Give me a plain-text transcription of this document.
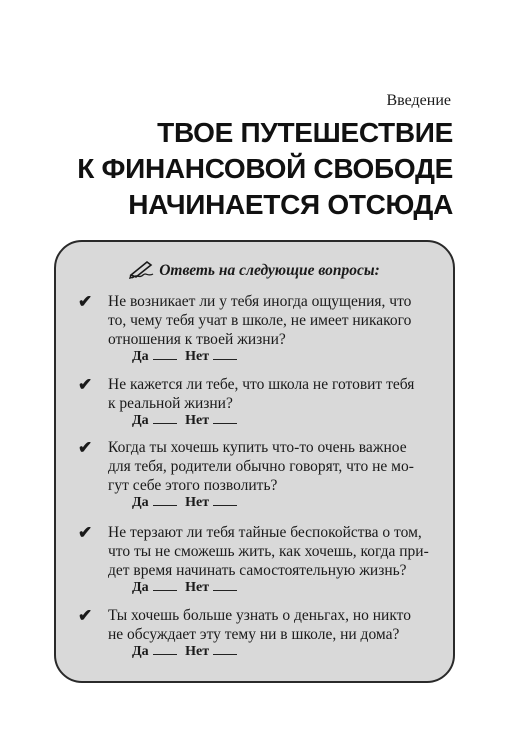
Введение
ТВОЕ ПУТЕШЕСТВИЕ
К ФИНАНСОВОЙ СВОБОДЕ
НАЧИНАЕТСЯ ОТСЮДА
Ответь на следующие вопросы:
✔ Не возникает ли у тебя иногда ощущения, что
то, чему тебя учат в школе, не имеет никакого
отношения к твоей жизни?
Да	Нет
✔ Не кажется ли тебе, что школа не готовит тебя
к реальной жизни?
Да	Нет
✔ Когда ты хочешь купить что-то очень важное
для тебя, родители обычно говорят, что не мо-
гут себе этого позволить?
Да	Нет
✔ Не терзают ли тебя тайные беспокойства о том,
что ты не сможешь жить, как хочешь, когда при-
дет время начинать самостоятельную жизнь?
Да	Нет
✔ Ты хочешь больше узнать о деньгах, но никто
не обсуждает эту тему ни в школе, ни дома?
Да	Нет
